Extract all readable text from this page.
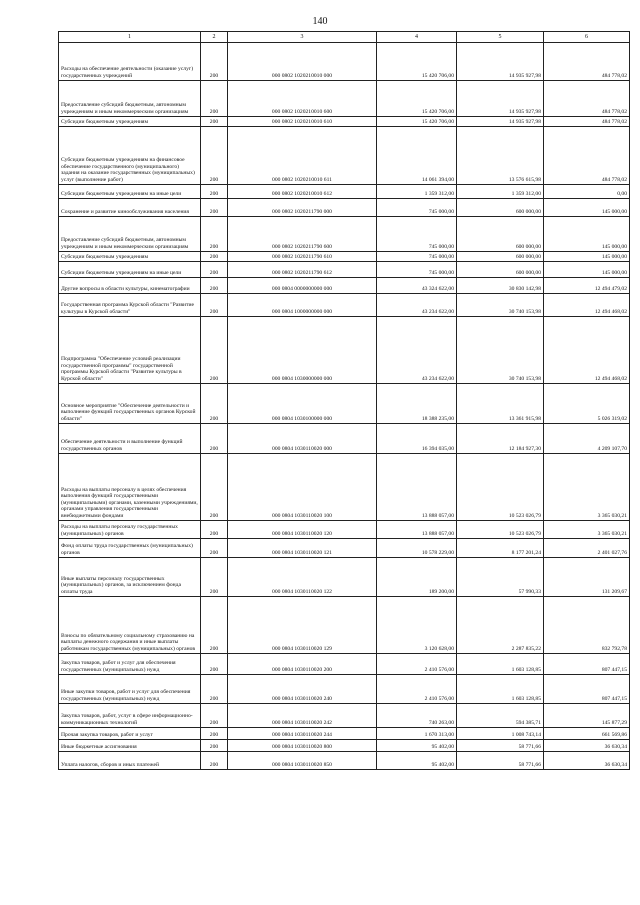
140
1	2	3	4	5	6
Расходы на обеспечение деятельности (оказание услуг) государственных учреждений	200	000 0802 1020210010 000	15 420 706,00	14 935 927,98	484 778,02
Предоставление субсидий бюджетным, автономным учреждениям и иным некоммерческим организациям	200	000 0802 1020210010 600	15 420 706,00	14 935 927,98	484 778,02
Субсидии бюджетным учреждениям	200	000 0802 1020210010 610	15 420 706,00	14 935 927,98	484 778,02
Субсидии бюджетным учреждениям на финансовое обеспечение государственного (муниципального) задания на оказание государственных (муниципальных) услуг (выполнение работ)	200	000 0802 1020210010 611	14 061 394,00	13 576 615,98	484 778,02
Субсидии бюджетным учреждениям на иные цели	200	000 0802 1020210010 612	1 359 312,00	1 359 312,00	0,00
Сохранение и развитие кинообслуживания населения	200	000 0802 1020211790 000	745 000,00	600 000,00	145 000,00
Предоставление субсидий бюджетным, автономным учреждениям и иным некоммерческим организациям	200	000 0802 1020211790 600	745 000,00	600 000,00	145 000,00
Субсидии бюджетным учреждениям	200	000 0802 1020211790 610	745 000,00	600 000,00	145 000,00
Субсидии бюджетным учреждениям на иные цели	200	000 0802 1020211790 612	745 000,00	600 000,00	145 000,00
Другие вопросы в области культуры, кинематографии	200	000 0804 0000000000 000	43 324 622,00	30 830 142,98	12 494 479,02
Государственная программа Курской области "Развитие культуры в Курской области"	200	000 0804 1000000000 000	43 234 622,00	30 740 153,98	12 494 468,02
Подпрограмма "Обеспечение условий реализации государственной программы" государственной программы Курской области "Развитие культуры в Курской области"	200	000 0804 1030000000 000	43 234 622,00	30 740 153,98	12 494 468,02
Основное мероприятие "Обеспечение деятельности и выполнение функций государственных органов Курской области"	200	000 0804 1030100000 000	18 388 235,00	13 361 915,98	5 026 319,02
Обеспечение деятельности и выполнение функций государственных органов	200	000 0804 1030110020 000	16 394 035,00	12 184 927,30	4 209 107,70
Расходы на выплаты персоналу в целях обеспечения выполнения функций государственными (муниципальными) органами, казенными учреждениями, органами управления государственными внебюджетными фондами	200	000 0804 1030110020 100	13 888 057,00	10 523 026,79	3 365 030,21
Расходы на выплаты персоналу государственных (муниципальных) органов	200	000 0804 1030110020 120	13 888 057,00	10 523 026,79	3 365 030,21
Фонд оплаты труда государственных (муниципальных) органов	200	000 0804 1030110020 121	10 578 229,00	8 177 201,24	2 401 027,76
Иные выплаты персоналу государственных (муниципальных) органов, за исключением фонда оплаты труда	200	000 0804 1030110020 122	189 200,00	57 990,33	131 209,67
Взносы по обязательному социальному страхованию на выплаты денежного содержания и иные выплаты работникам государственных (муниципальных) органов	200	000 0804 1030110020 129	3 120 628,00	2 287 835,22	832 792,78
Закупка товаров, работ и услуг для обеспечения государственных (муниципальных) нужд	200	000 0804 1030110020 200	2 410 576,00	1 603 128,85	807 447,15
Иные закупки товаров, работ и услуг для обеспечения государственных (муниципальных) нужд	200	000 0804 1030110020 240	2 410 576,00	1 603 128,85	807 447,15
Закупка товаров, работ, услуг в сфере информационно-коммуникационных технологий	200	000 0804 1030110020 242	740 263,00	594 385,71	145 877,29
Прочая закупка товаров, работ и услуг	200	000 0804 1030110020 244	1 670 313,00	1 008 743,14	661 569,86
Иные бюджетные ассигнования	200	000 0804 1030110020 800	95 402,00	58 771,66	36 630,34
Уплата налогов, сборов и иных платежей	200	000 0804 1030110020 850	95 402,00	58 771,66	36 630,34
